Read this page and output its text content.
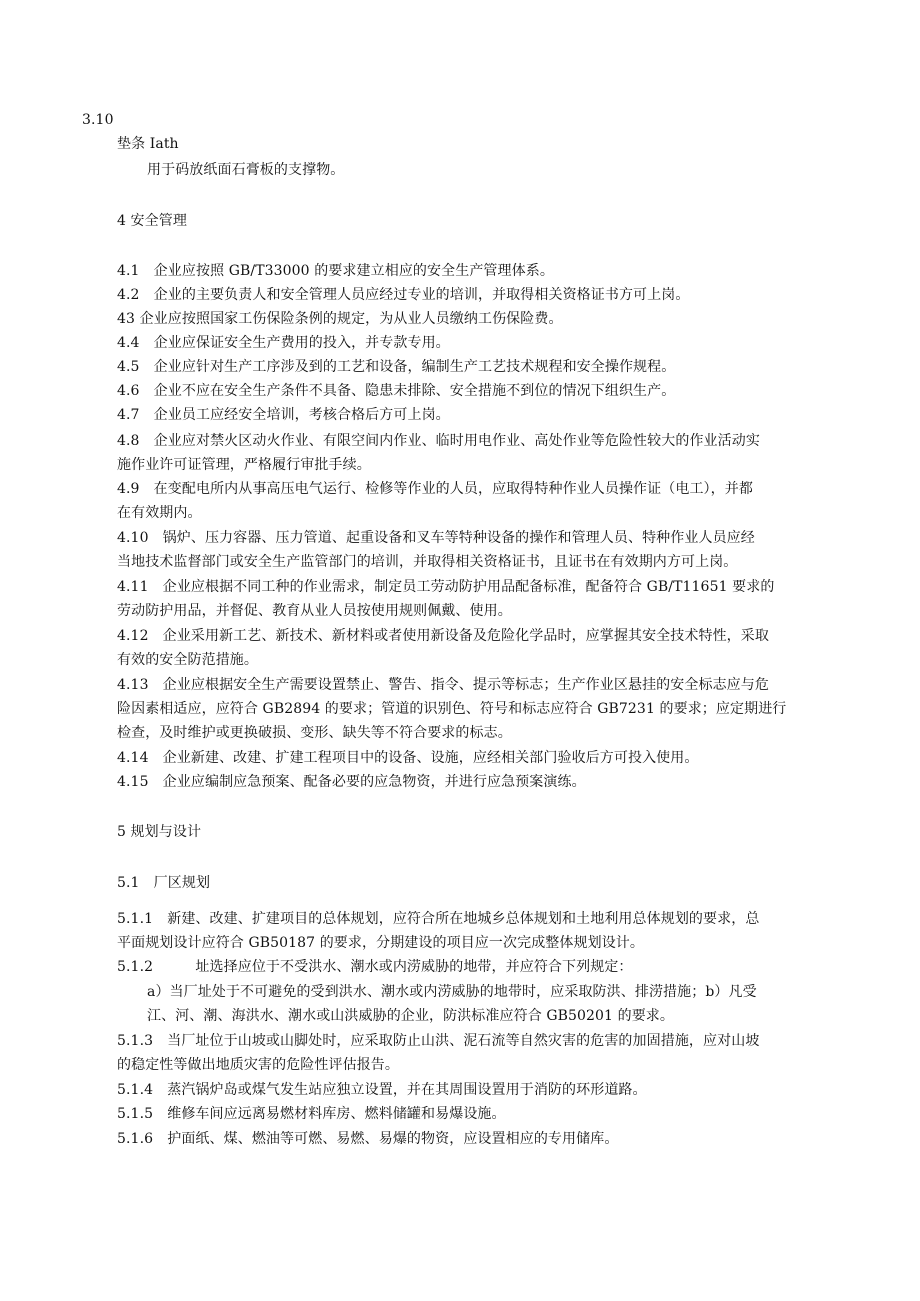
3.10
垫条 Iath
用于码放纸面石膏板的支撑物。
4 安全管理
4.1　企业应按照 GB/T33000 的要求建立相应的安全生产管理体系。
4.2　企业的主要负责人和安全管理人员应经过专业的培训，并取得相关资格证书方可上岗。
43 企业应按照国家工伤保险条例的规定，为从业人员缴纳工伤保险费。
4.4　企业应保证安全生产费用的投入，并专款专用。
4.5　企业应针对生产工序涉及到的工艺和设备，编制生产工艺技术规程和安全操作规程。
4.6　企业不应在安全生产条件不具备、隐患未排除、安全措施不到位的情况下组织生产。
4.7　企业员工应经安全培训，考核合格后方可上岗。
4.8　企业应对禁火区动火作业、有限空间内作业、临时用电作业、高处作业等危险性较大的作业活动实
施作业许可证管理，严格履行审批手续。
4.9　在变配电所内从事高压电气运行、检修等作业的人员，应取得特种作业人员操作证（电工），并都
在有效期内。
4.10　锅炉、压力容器、压力管道、起重设备和叉车等特种设备的操作和管理人员、特种作业人员应经
当地技术监督部门或安全生产监管部门的培训，并取得相关资格证书，且证书在有效期内方可上岗。
4.11　企业应根据不同工种的作业需求，制定员工劳动防护用品配备标准，配备符合 GB/T11651 要求的
劳动防护用品，并督促、教育从业人员按使用规则佩戴、使用。
4.12　企业采用新工艺、新技术、新材料或者使用新设备及危险化学品时，应掌握其安全技术特性，采取
有效的安全防范措施。
4.13　企业应根据安全生产需要设置禁止、警告、指令、提示等标志；生产作业区悬挂的安全标志应与危
险因素相适应，应符合 GB2894 的要求；管道的识别色、符号和标志应符合 GB7231 的要求；应定期进行
检查，及时维护或更换破损、变形、缺失等不符合要求的标志。
4.14　企业新建、改建、扩建工程项目中的设备、设施，应经相关部门验收后方可投入使用。
4.15　企业应编制应急预案、配备必要的应急物资，并进行应急预案演练。
5 规划与设计
5.1　厂区规划
5.1.1　新建、改建、扩建项目的总体规划，应符合所在地城乡总体规划和土地利用总体规划的要求，总
平面规划设计应符合 GB50187 的要求，分期建设的项目应一次完成整体规划设计。
5.1.2　　　址选择应位于不受洪水、潮水或内涝威胁的地带，并应符合下列规定：
a）当厂址处于不可避免的受到洪水、潮水或内涝威胁的地带时，应采取防洪、排涝措施；b）凡受
江、河、潮、海洪水、潮水或山洪威胁的企业，防洪标准应符合 GB50201 的要求。
5.1.3　当厂址位于山坡或山脚处时，应采取防止山洪、泥石流等自然灾害的危害的加固措施，应对山坡
的稳定性等做出地质灾害的危险性评估报告。
5.1.4　蒸汽锅炉岛或煤气发生站应独立设置，并在其周围设置用于消防的环形道路。
5.1.5　维修车间应远离易燃材料库房、燃料储罐和易爆设施。
5.1.6　护面纸、煤、燃油等可燃、易燃、易爆的物资，应设置相应的专用储库。
